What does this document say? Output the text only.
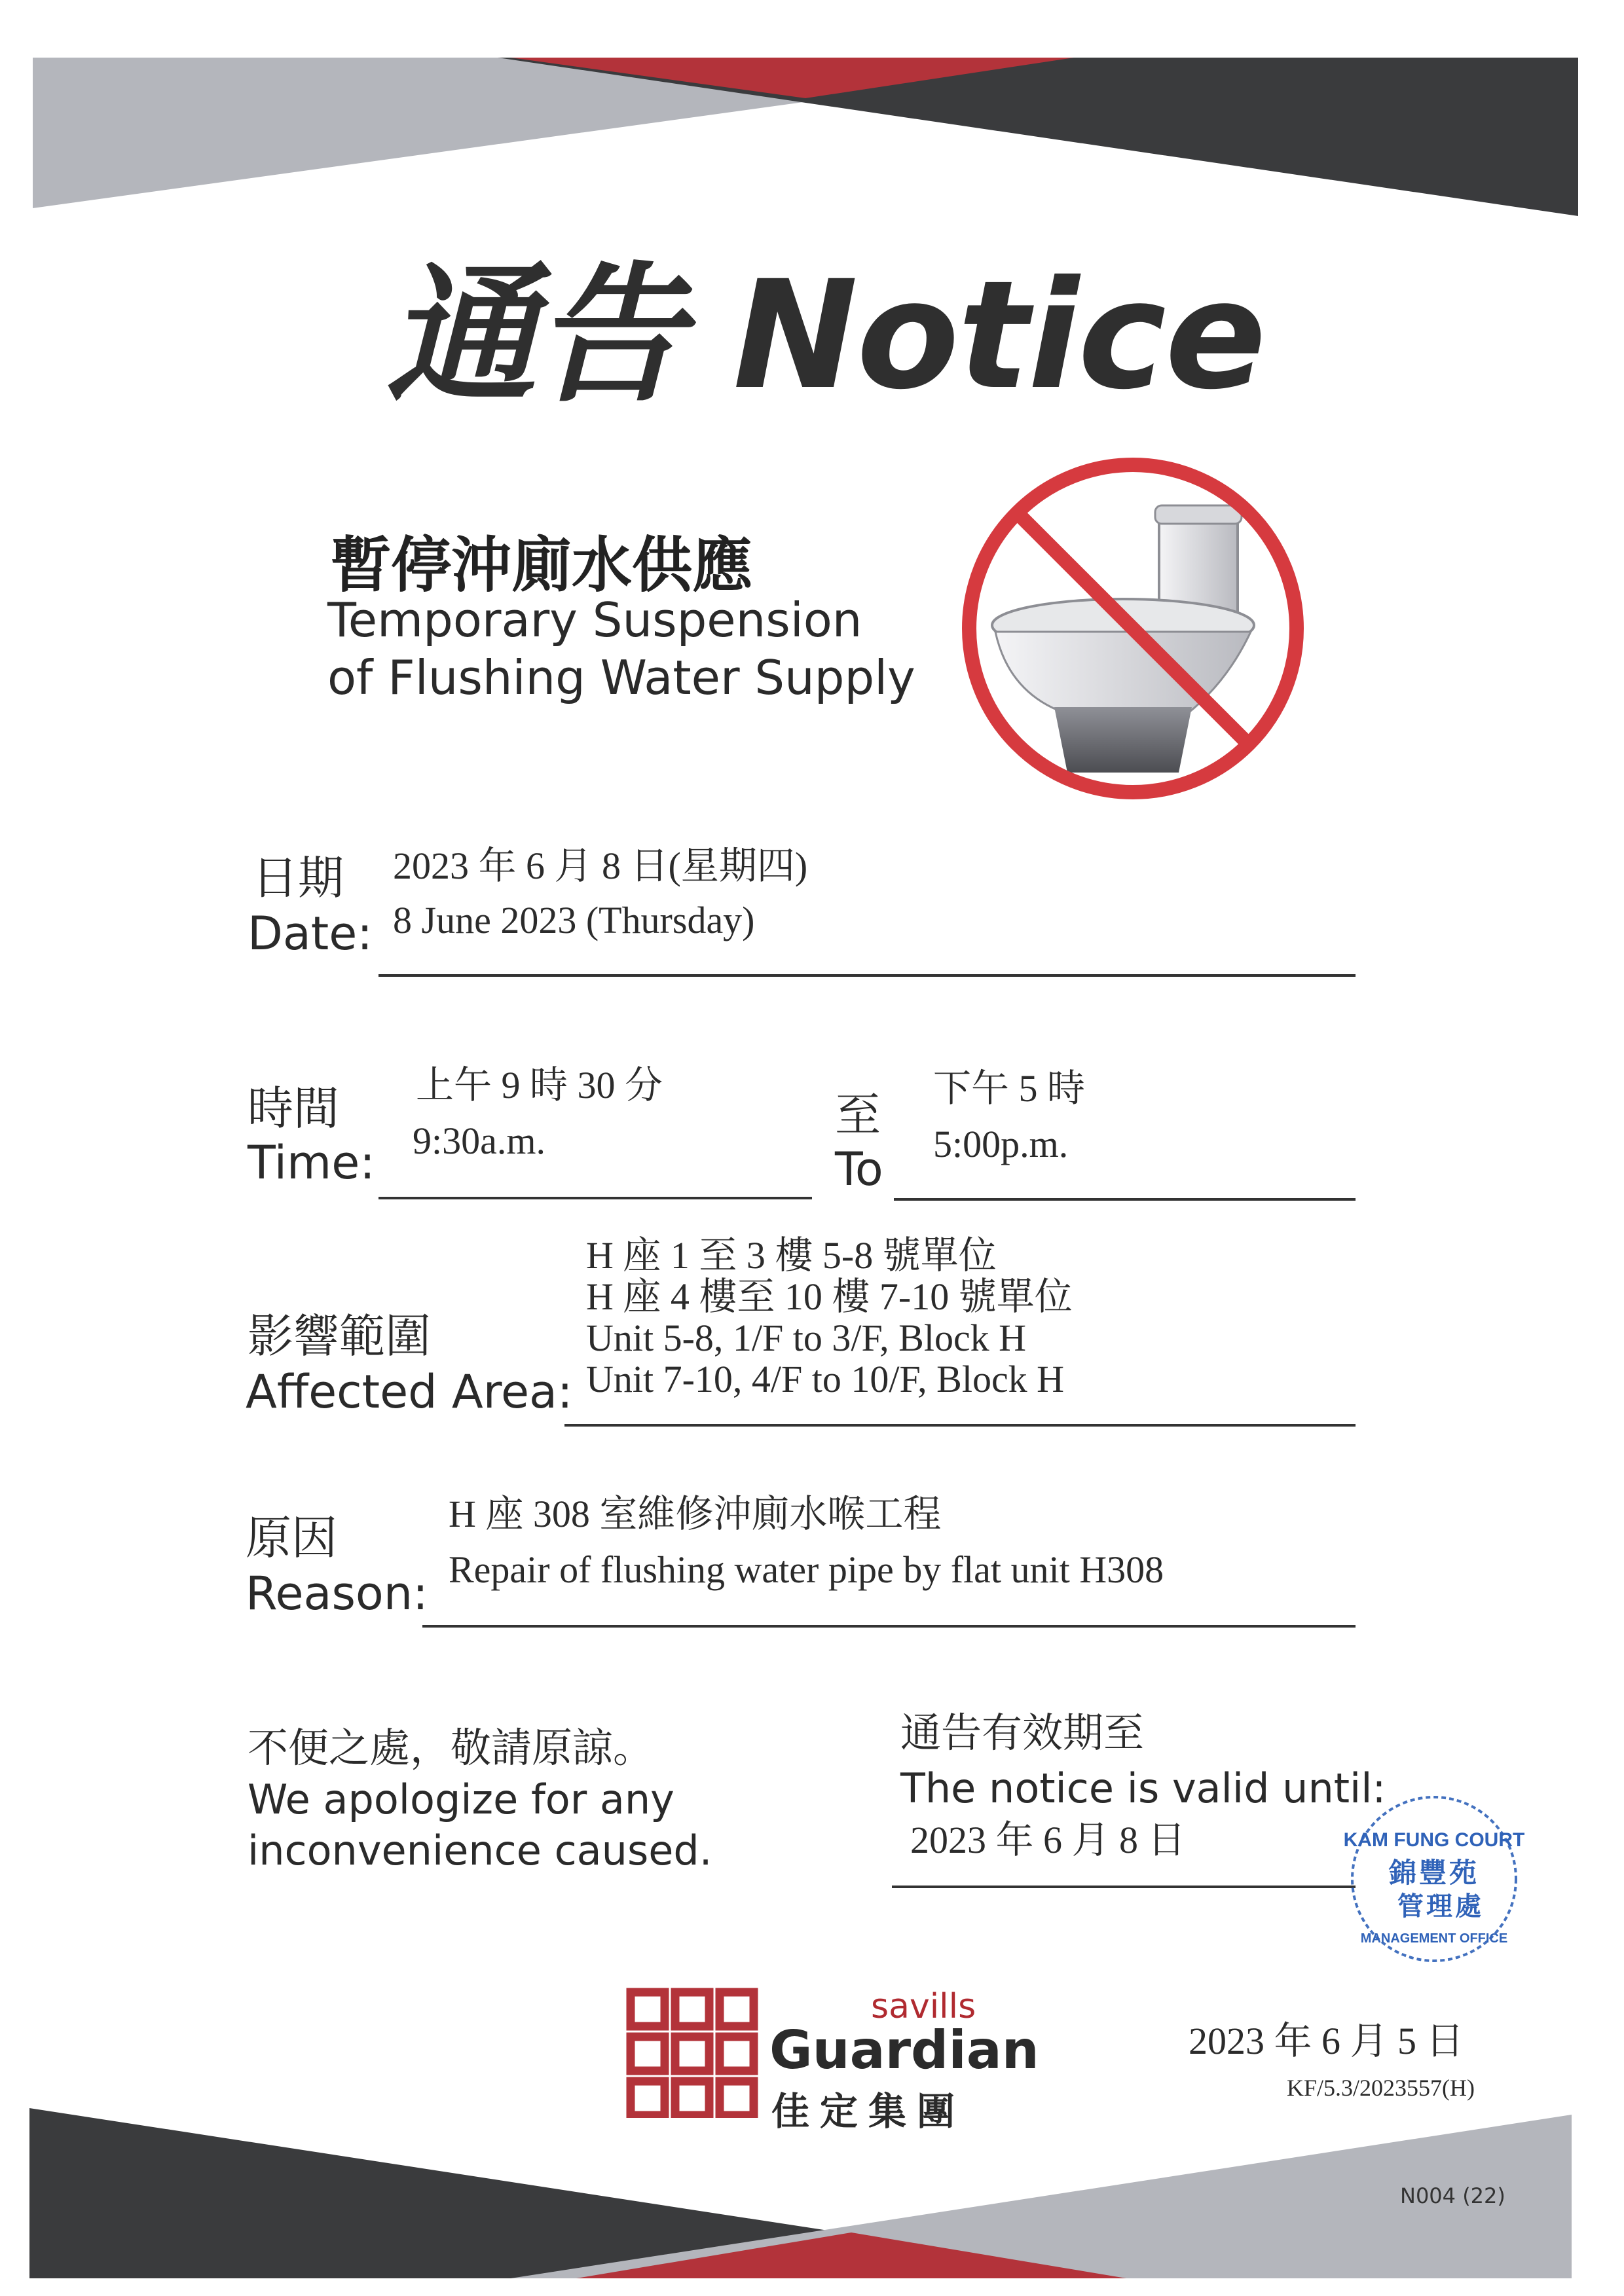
通告 Notice
暫停沖廁水供應
Temporary Suspension
of Flushing Water Supply
日期
Date:
2023 年 6 月 8 日(星期四)
8 June 2023 (Thursday)
時間
Time:
上午 9 時 30 分
9:30a.m.	至
To
下午 5 時
5:00p.m.
影響範圍
Affected Area:
H 座 1 至 3 樓 5-8 號單位
H 座 4 樓至 10 樓 7-10 號單位
Unit 5-8, 1/F to 3/F, Block H
Unit 7-10, 4/F to 10/F, Block H
原因
Reason:
H 座 308 室維修沖廁水喉工程
Repair of flushing water pipe by flat unit H308
不便之處，敬請原諒。
We apologize for any
inconvenience caused.
通告有效期至
The notice is valid until:
2023 年 6 月 8 日	KAM FUNG COURT
錦豐苑
管理處
MANAGEMENT OFFICE
savills
Guardian
佳定集團
2023 年 6 月 5 日
KF/5.3/2023557(H)
N004 (22)
